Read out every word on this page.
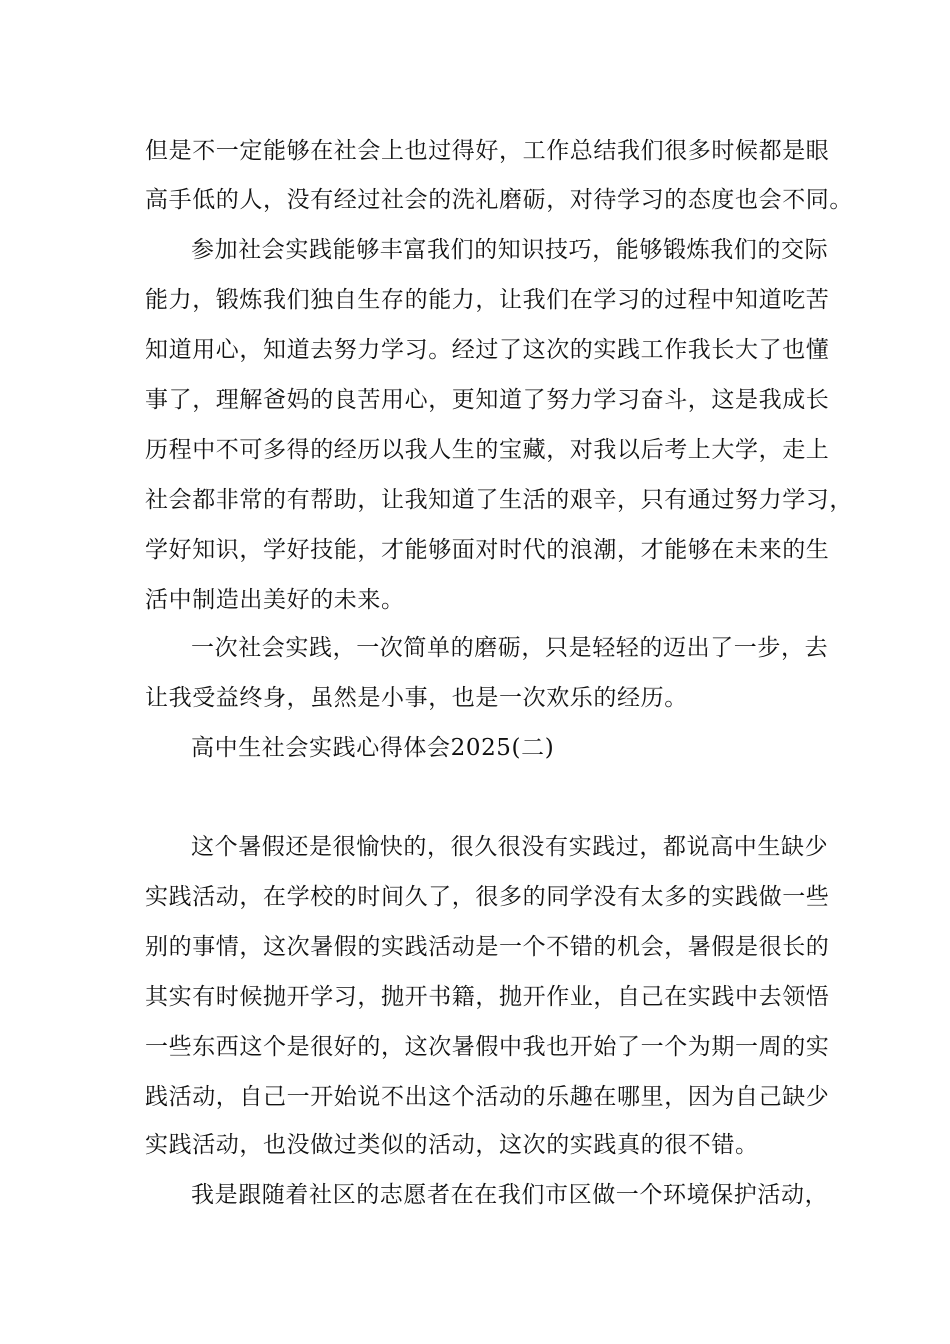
但是不一定能够在社会上也过得好，工作总结我们很多时候都是眼
高手低的人，没有经过社会的洗礼磨砺，对待学习的态度也会不同。
参加社会实践能够丰富我们的知识技巧，能够锻炼我们的交际
能力，锻炼我们独自生存的能力，让我们在学习的过程中知道吃苦
知道用心，知道去努力学习。经过了这次的实践工作我长大了也懂
事了，理解爸妈的良苦用心，更知道了努力学习奋斗，这是我成长
历程中不可多得的经历以我人生的宝藏，对我以后考上大学，走上
社会都非常的有帮助，让我知道了生活的艰辛，只有通过努力学习，
学好知识，学好技能，才能够面对时代的浪潮，才能够在未来的生
活中制造出美好的未来。
一次社会实践，一次简单的磨砺，只是轻轻的迈出了一步，去
让我受益终身，虽然是小事，也是一次欢乐的经历。
高中生社会实践心得体会2025(二)
这个暑假还是很愉快的，很久很没有实践过，都说高中生缺少
实践活动，在学校的时间久了，很多的同学没有太多的实践做一些
别的事情，这次暑假的实践活动是一个不错的机会，暑假是很长的
其实有时候抛开学习，抛开书籍，抛开作业，自己在实践中去领悟
一些东西这个是很好的，这次暑假中我也开始了一个为期一周的实
践活动，自己一开始说不出这个活动的乐趣在哪里，因为自己缺少
实践活动，也没做过类似的活动，这次的实践真的很不错。
我是跟随着社区的志愿者在在我们市区做一个环境保护活动，
